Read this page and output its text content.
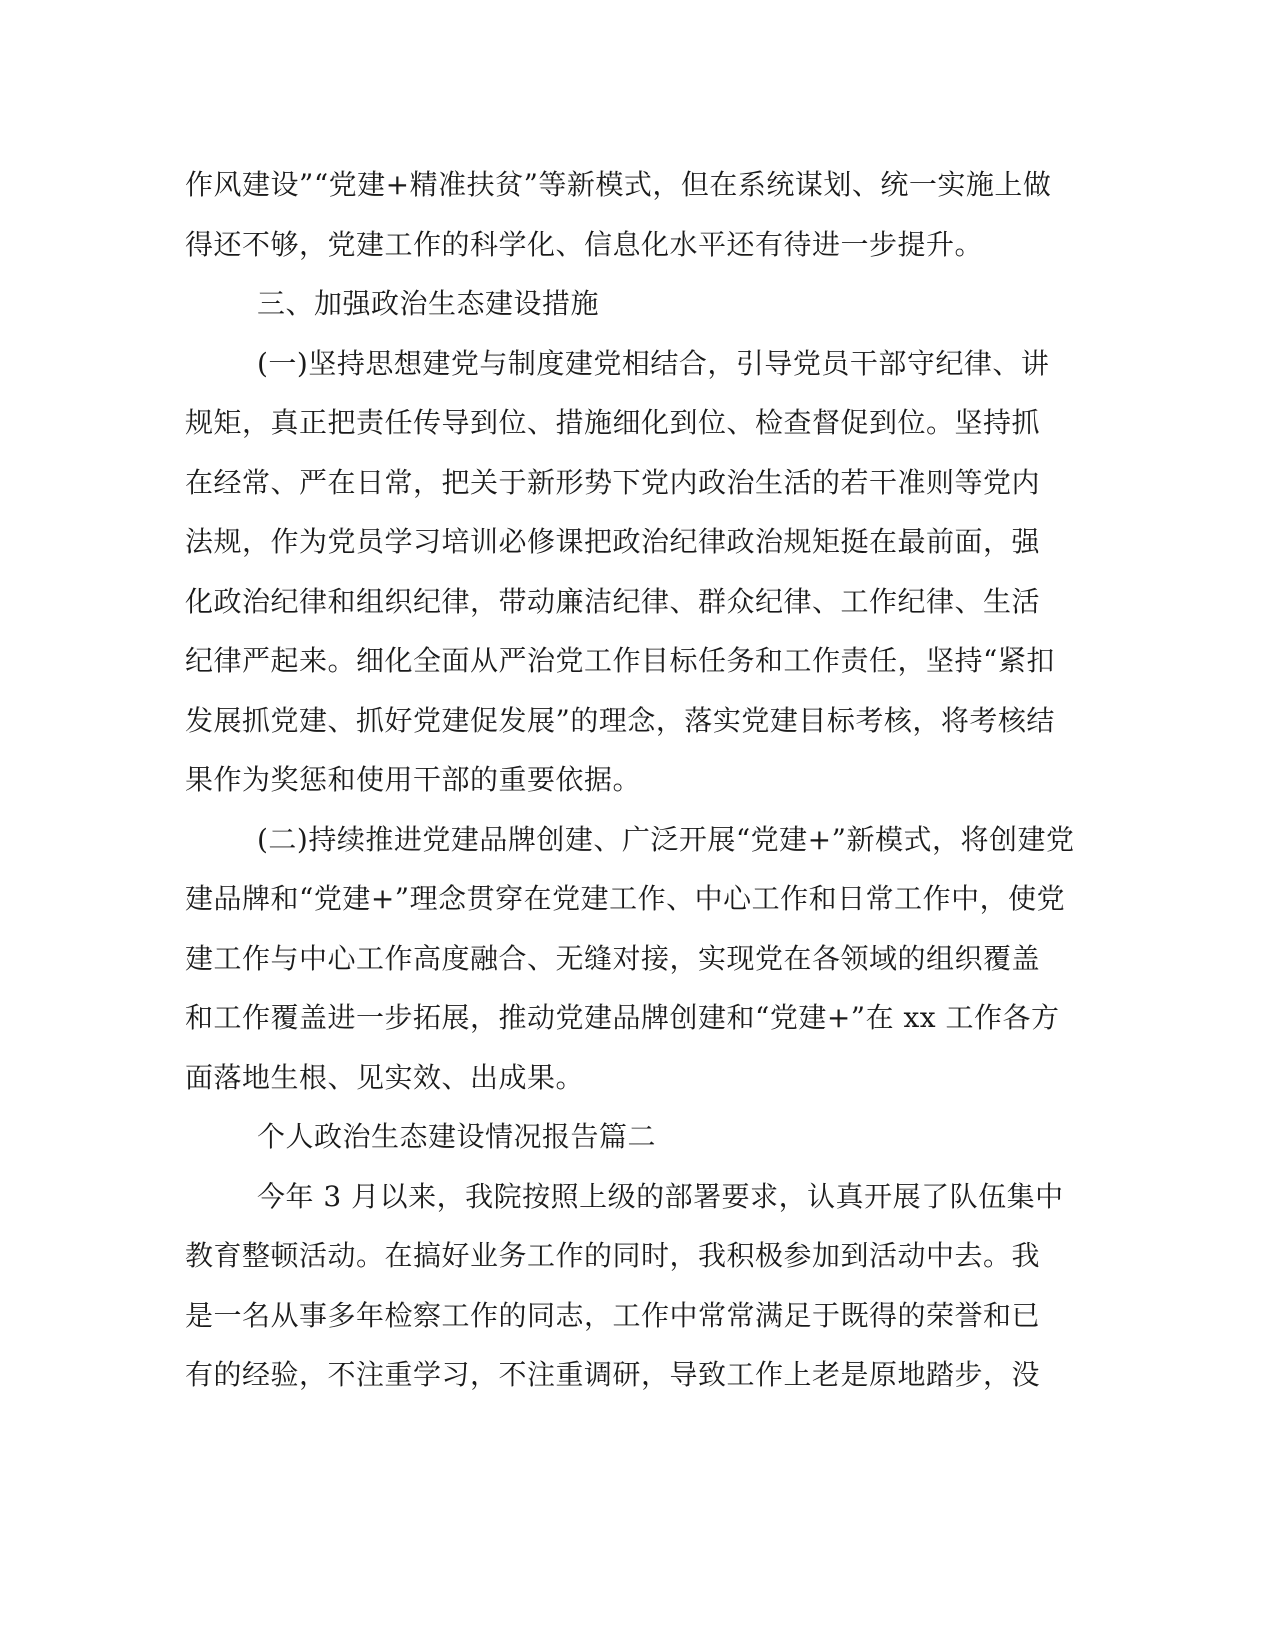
作风建设”“党建+精准扶贫”等新模式，但在系统谋划、统一实施上做
得还不够，党建工作的科学化、信息化水平还有待进一步提升。
三、加强政治生态建设措施
(一)坚持思想建党与制度建党相结合，引导党员干部守纪律、讲
规矩，真正把责任传导到位、措施细化到位、检查督促到位。坚持抓
在经常、严在日常，把关于新形势下党内政治生活的若干准则等党内
法规，作为党员学习培训必修课把政治纪律政治规矩挺在最前面，强
化政治纪律和组织纪律，带动廉洁纪律、群众纪律、工作纪律、生活
纪律严起来。细化全面从严治党工作目标任务和工作责任，坚持“紧扣
发展抓党建、抓好党建促发展”的理念，落实党建目标考核，将考核结
果作为奖惩和使用干部的重要依据。
(二)持续推进党建品牌创建、广泛开展“党建+”新模式，将创建党
建品牌和“党建+”理念贯穿在党建工作、中心工作和日常工作中，使党
建工作与中心工作高度融合、无缝对接，实现党在各领域的组织覆盖
和工作覆盖进一步拓展，推动党建品牌创建和“党建+”在 xx 工作各方
面落地生根、见实效、出成果。
个人政治生态建设情况报告篇二
今年 3 月以来，我院按照上级的部署要求，认真开展了队伍集中
教育整顿活动。在搞好业务工作的同时，我积极参加到活动中去。我
是一名从事多年检察工作的同志，工作中常常满足于既得的荣誉和已
有的经验，不注重学习，不注重调研，导致工作上老是原地踏步，没
